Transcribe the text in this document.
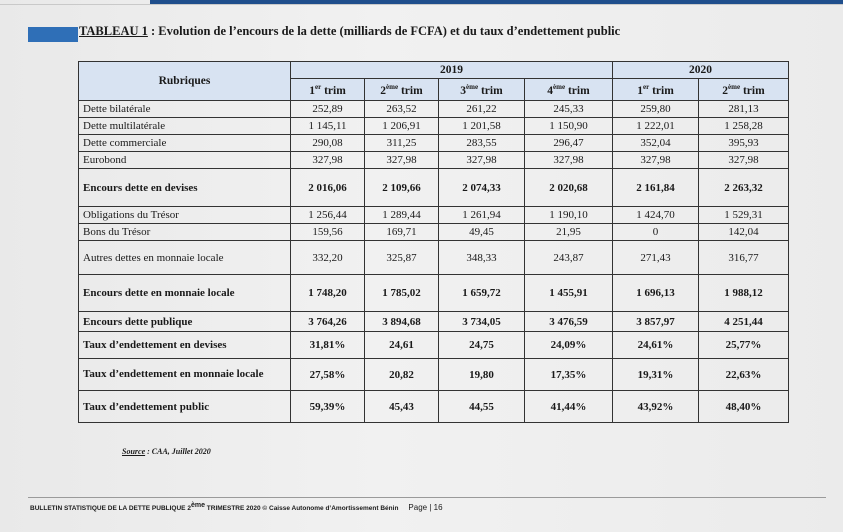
TABLEAU 1 : Evolution de l’encours de la dette (milliards de FCFA) et du taux d’endettement public
Rubriques	2019				2020	
	1er trim	2ème trim	3ème trim	4ème trim	1er trim	2ème trim
Dette bilatérale	252,89	263,52	261,22	245,33	259,80	281,13
Dette multilatérale	1 145,11	1 206,91	1 201,58	1 150,90	1 222,01	1 258,28
Dette commerciale	290,08	311,25	283,55	296,47	352,04	395,93
Eurobond	327,98	327,98	327,98	327,98	327,98	327,98
Encours dette en devises	2 016,06	2 109,66	2 074,33	2 020,68	2 161,84	2 263,32
Obligations du Trésor	1 256,44	1 289,44	1 261,94	1 190,10	1 424,70	1 529,31
Bons du Trésor	159,56	169,71	49,45	21,95	0	142,04
Autres dettes en monnaie locale	332,20	325,87	348,33	243,87	271,43	316,77
Encours dette en monnaie locale	1 748,20	1 785,02	1 659,72	1 455,91	1 696,13	1 988,12
Encours dette publique	3 764,26	3 894,68	3 734,05	3 476,59	3 857,97	4 251,44
Taux d’endettement en devises	31,81%	24,61	24,75	24,09%	24,61%	25,77%
Taux d’endettement en monnaie locale	27,58%	20,82	19,80	17,35%	19,31%	22,63%
Taux d’endettement public	59,39%	45,43	44,55	41,44%	43,92%	48,40%
Source : CAA, Juillet 2020
BULLETIN STATISTIQUE DE LA DETTE PUBLIQUE 2ème TRIMESTRE 2020 © Caisse Autonome d’Amortissement Bénin Page | 16
